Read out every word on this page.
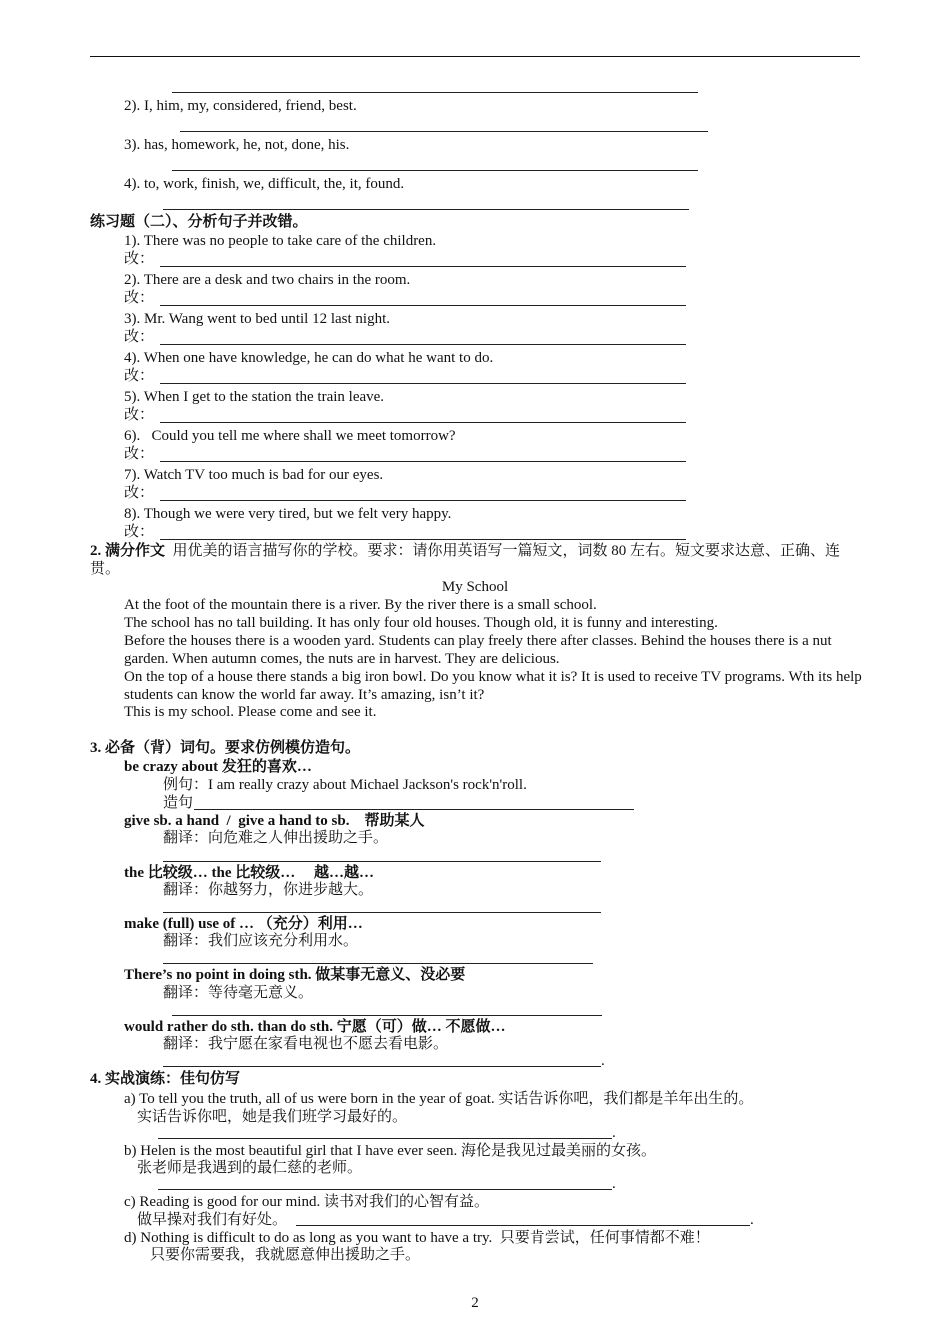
2). I, him, my, considered, friend, best.
3). has, homework, he, not, done, his.
4). to, work, finish, we, difficult, the, it, found.
练习题（二）、分析句子并改错。
1). There was no people to take care of the children.
改：
2). There are a desk and two chairs in the room.
改：
3). Mr. Wang went to bed until 12 last night.
改：
4). When one have knowledge, he can do what he want to do.
改：
5). When I get to the station the train leave.
改：
6).   Could you tell me where shall we meet tomorrow?
改：
7). Watch TV too much is bad for our eyes.
改：
8). Though we were very tired, but we felt very happy.
改：
2. 满分作文 用优美的语言描写你的学校。要求：请你用英语写一篇短文，词数 80 左右。短文要求达意、正确、连贯。
My School
At the foot of the mountain there is a river. By the river there is a small school.
The school has no tall building. It has only four old houses. Though old, it is funny and interesting.
Before the houses there is a wooden yard. Students can play freely there after classes. Behind the houses there is a nut garden. When autumn comes, the nuts are in harvest. They are delicious.
On the top of a house there stands a big iron bowl. Do you know what it is? It is used to receive TV programs. Wth its help students can know the world far away. It’s amazing, isn’t it?
This is my school. Please come and see it.
3. 必备（背）词句。要求仿例模仿造句。
be crazy about 发狂的喜欢…
例句：I am really crazy about Michael Jackson's rock'n'roll.
造句
give sb. a hand  /  give a hand to sb.    帮助某人
翻译：向危难之人伸出援助之手。
the 比较级… the 比较级…     越…越…
翻译：你越努力，你进步越大。
make (full) use of … （充分）利用…
翻译：我们应该充分利用水。
There’s no point in doing sth. 做某事无意义、没必要
翻译：等待毫无意义。
would rather do sth. than do sth. 宁愿（可）做… 不愿做…
翻译：我宁愿在家看电视也不愿去看电影。
.
4. 实战演练：佳句仿写
a) To tell you the truth, all of us were born in the year of goat. 实话告诉你吧，我们都是羊年出生的。
实话告诉你吧，她是我们班学习最好的。
.
b) Helen is the most beautiful girl that I have ever seen. 海伦是我见过最美丽的女孩。
张老师是我遇到的最仁慈的老师。
.
c) Reading is good for our mind. 读书对我们的心智有益。
做早操对我们有好处。	.
d) Nothing is difficult to do as long as you want to have a try.  只要肯尝试，任何事情都不难！
只要你需要我，我就愿意伸出援助之手。
2
